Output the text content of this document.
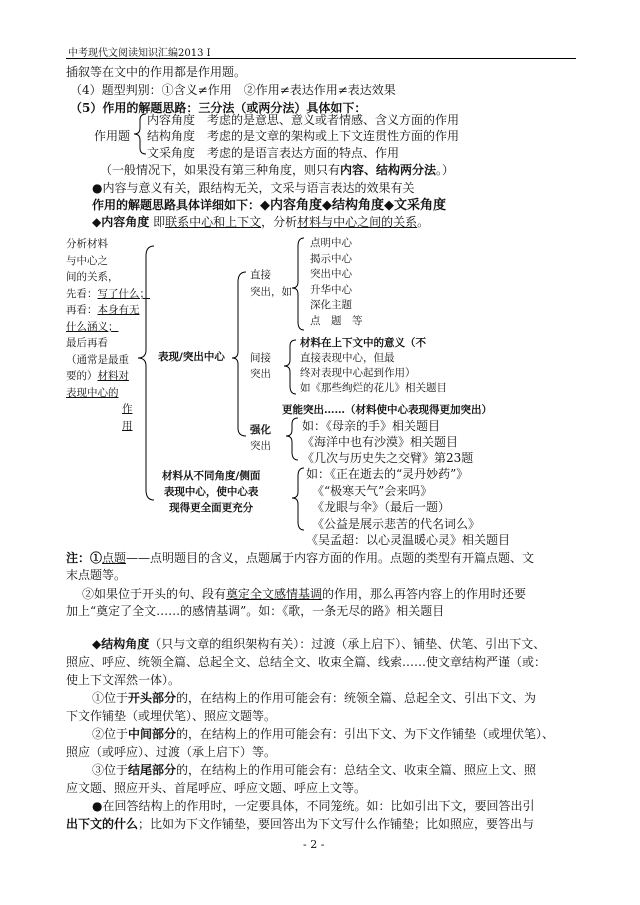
中考现代文阅读知识汇编2013 I
插叙等在文中的作用都是作用题。
（4）题型判别：①含义≠作用　②作用≠表达作用≠表达效果
（5）作用的解题思路：三分法（或两分法）具体如下：
作用题
内容角度　考虑的是意思、意义或者情感、含义方面的作用
结构角度　考虑的是文章的架构或上下文连贯性方面的作用
文采角度　考虑的是语言表达方面的特点、作用
（一般情况下，如果没有第三种角度，则只有内容、结构两分法。）
●内容与意义有关，跟结构无关，文采与语言表达的效果有关
作用的解题思路具体详细如下：◆内容角度◆结构角度◆文采角度
◆内容角度 即联系中心和上下文，分析材料与中心之间的关系。
分析材料
与中心之
间的关系，
先看：写了什么；
再看：本身有无
什么涵义；
最后再看
（通常是最重
要的）材料对
表现中心的
作
用
表现/突出中心
直接
突出，如
点明中心
揭示中心
突出中心
升华中心
深化主题
点　题　等
间接
突出
材料在上下文中的意义（不
直接表现中心，但最
终对表现中心起到作用）
如《那些绚烂的花儿》相关题目
强化
突出
更能突出……（材料使中心表现得更加突出）
如：《母亲的手》相关题目
《海洋中也有沙漠》相关题目
《几次与历史失之交臂》第23题
材料从不同角度/侧面
表现中心，使中心表
现得更全面更充分
如：《正在逝去的“灵丹妙药”》
《“极寒天气”会来吗》
《龙眼与伞》（最后一题）
《公益是展示悲苦的代名词么》
《吴孟超：以心灵温暖心灵》相关题目
注：①点题——点明题目的含义，点题属于内容方面的作用。点题的类型有开篇点题、文
末点题等。
②如果位于开头的句、段有奠定全文感情基调的作用，那么再答内容上的作用时还要
加上“奠定了全文……的感情基调”。如：《歌，一条无尽的路》相关题目
◆结构角度（只与文章的组织架构有关）：过渡（承上启下）、铺垫、伏笔、引出下文、
照应、呼应、统领全篇、总起全文、总结全文、收束全篇、线索……使文章结构严谨（或：
使上下文浑然一体）。
①位于开头部分的，在结构上的作用可能会有：统领全篇、总起全文、引出下文、为
下文作铺垫（或埋伏笔）、照应文题等。
②位于中间部分的，在结构上的作用可能会有：引出下文、为下文作铺垫（或埋伏笔）、
照应（或呼应）、过渡（承上启下）等。
③位于结尾部分的，在结构上的作用可能会有：总结全文、收束全篇、照应上文、照
应文题、照应开头、首尾呼应、呼应文题、呼应上文等。
●在回答结构上的作用时，一定要具体，不同笼统。如：比如引出下文，要回答出引
出下文的什么；比如为下文作铺垫，要回答出为下文写什么作铺垫；比如照应，要答出与
- 2 -
